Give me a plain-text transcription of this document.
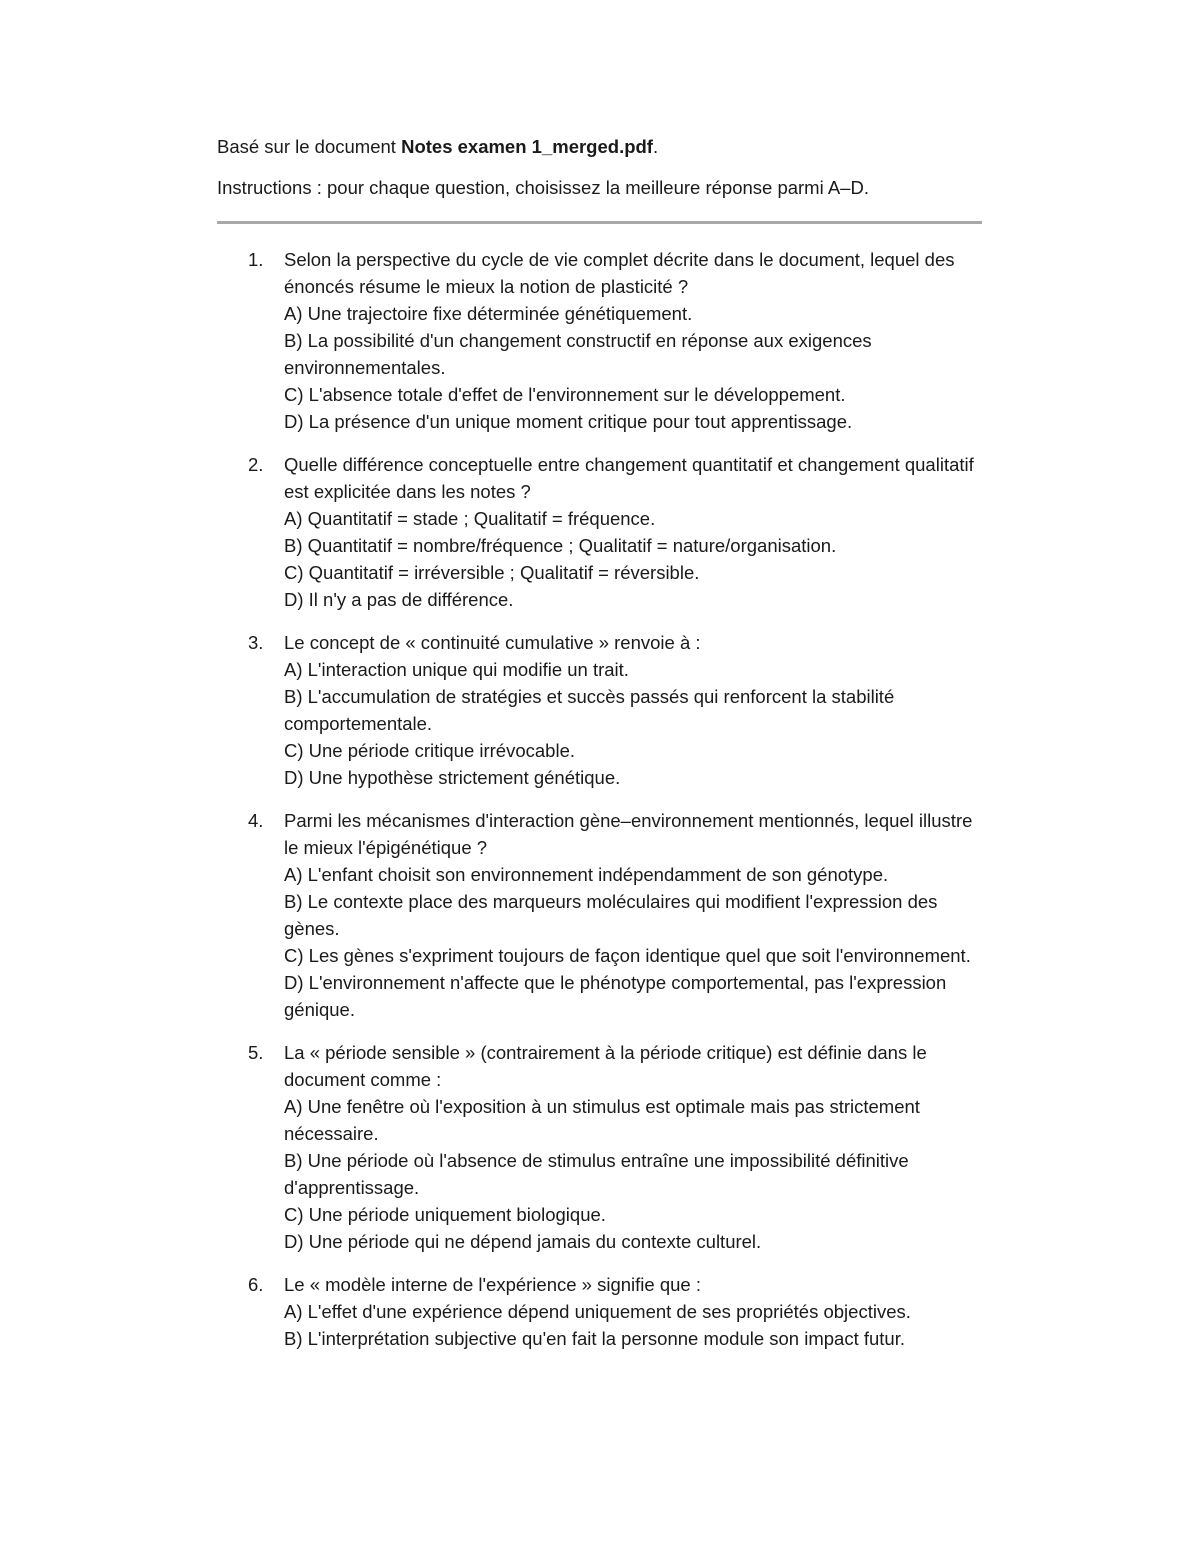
Basé sur le document Notes examen 1_merged.pdf.

Instructions : pour chaque question, choisissez la meilleure réponse parmi A–D.

1. Selon la perspective du cycle de vie complet décrite dans le document, lequel des énoncés résume le mieux la notion de plasticité ?
A) Une trajectoire fixe déterminée génétiquement.
B) La possibilité d'un changement constructif en réponse aux exigences environnementales.
C) L'absence totale d'effet de l'environnement sur le développement.
D) La présence d'un unique moment critique pour tout apprentissage.
2. Quelle différence conceptuelle entre changement quantitatif et changement qualitatif est explicitée dans les notes ?
A) Quantitatif = stade ; Qualitatif = fréquence.
B) Quantitatif = nombre/fréquence ; Qualitatif = nature/organisation.
C) Quantitatif = irréversible ; Qualitatif = réversible.
D) Il n'y a pas de différence.
3. Le concept de « continuité cumulative » renvoie à :
A) L'interaction unique qui modifie un trait.
B) L'accumulation de stratégies et succès passés qui renforcent la stabilité comportementale.
C) Une période critique irrévocable.
D) Une hypothèse strictement génétique.
4. Parmi les mécanismes d'interaction gène–environnement mentionnés, lequel illustre le mieux l'épigénétique ?
A) L'enfant choisit son environnement indépendamment de son génotype.
B) Le contexte place des marqueurs moléculaires qui modifient l'expression des gènes.
C) Les gènes s'expriment toujours de façon identique quel que soit l'environnement.
D) L'environnement n'affecte que le phénotype comportemental, pas l'expression génique.
5. La « période sensible » (contrairement à la période critique) est définie dans le document comme :
A) Une fenêtre où l'exposition à un stimulus est optimale mais pas strictement nécessaire.
B) Une période où l'absence de stimulus entraîne une impossibilité définitive d'apprentissage.
C) Une période uniquement biologique.
D) Une période qui ne dépend jamais du contexte culturel.
6. Le « modèle interne de l'expérience » signifie que :
A) L'effet d'une expérience dépend uniquement de ses propriétés objectives.
B) L'interprétation subjective qu'en fait la personne module son impact futur.
